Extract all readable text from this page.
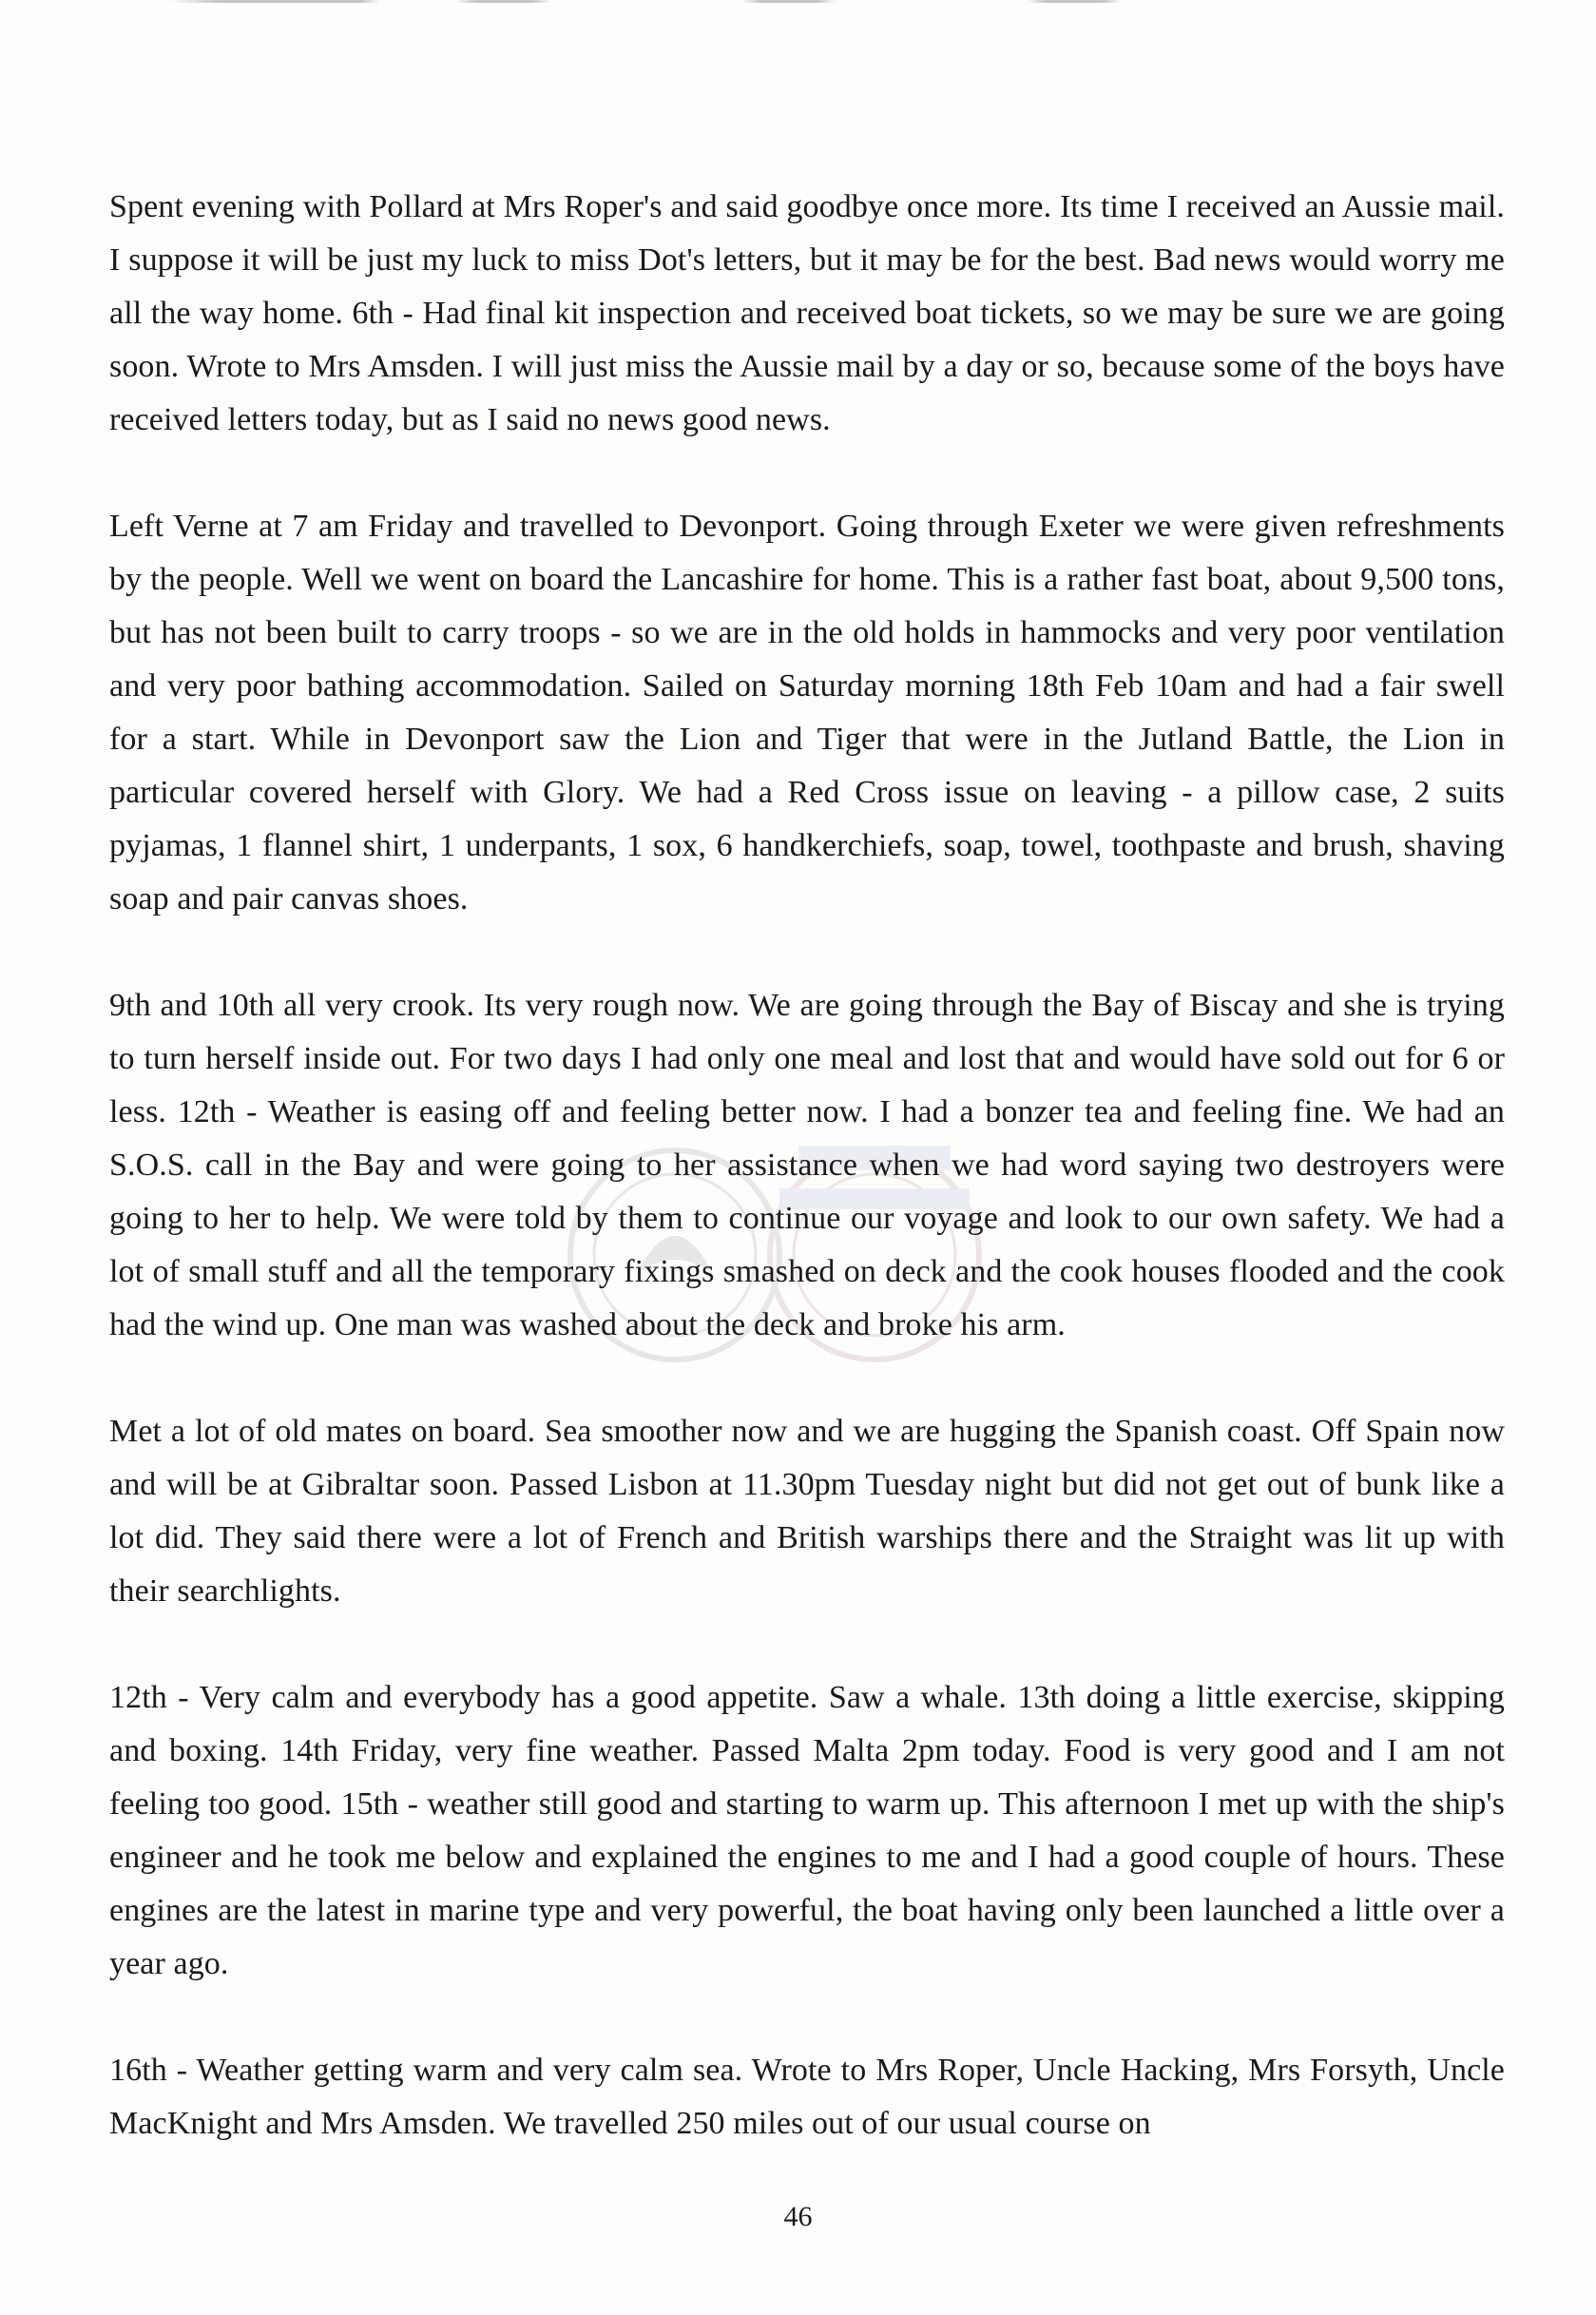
Spent evening with Pollard at Mrs Roper's and said goodbye once more. Its time I received an Aussie mail. I suppose it will be just my luck to miss Dot's letters, but it may be for the best. Bad news would worry me all the way home. 6th - Had final kit inspection and received boat tickets, so we may be sure we are going soon. Wrote to Mrs Amsden. I will just miss the Aussie mail by a day or so, because some of the boys have received letters today, but as I said no news good news.

Left Verne at 7 am Friday and travelled to Devonport. Going through Exeter we were given refreshments by the people. Well we went on board the Lancashire for home. This is a rather fast boat, about 9,500 tons, but has not been built to carry troops - so we are in the old holds in hammocks and very poor ventilation and very poor bathing accommodation. Sailed on Saturday morning 18th Feb 10am and had a fair swell for a start. While in Devonport saw the Lion and Tiger that were in the Jutland Battle, the Lion in particular covered herself with Glory. We had a Red Cross issue on leaving - a pillow case, 2 suits pyjamas, 1 flannel shirt, 1 underpants, 1 sox, 6 handkerchiefs, soap, towel, toothpaste and brush, shaving soap and pair canvas shoes.

9th and 10th all very crook. Its very rough now. We are going through the Bay of Biscay and she is trying to turn herself inside out. For two days I had only one meal and lost that and would have sold out for 6 or less. 12th - Weather is easing off and feeling better now. I had a bonzer tea and feeling fine. We had an S.O.S. call in the Bay and were going to her assistance when we had word saying two destroyers were going to her to help. We were told by them to continue our voyage and look to our own safety. We had a lot of small stuff and all the temporary fixings smashed on deck and the cook houses flooded and the cook had the wind up. One man was washed about the deck and broke his arm.

Met a lot of old mates on board. Sea smoother now and we are hugging the Spanish coast. Off Spain now and will be at Gibraltar soon. Passed Lisbon at 11.30pm Tuesday night but did not get out of bunk like a lot did. They said there were a lot of French and British warships there and the Straight was lit up with their searchlights.

12th - Very calm and everybody has a good appetite. Saw a whale. 13th doing a little exercise, skipping and boxing. 14th Friday, very fine weather. Passed Malta 2pm today. Food is very good and I am not feeling too good. 15th - weather still good and starting to warm up. This afternoon I met up with the ship's engineer and he took me below and explained the engines to me and I had a good couple of hours. These engines are the latest in marine type and very powerful, the boat having only been launched a little over a year ago.

16th - Weather getting warm and very calm sea. Wrote to Mrs Roper, Uncle Hacking, Mrs Forsyth, Uncle MacKnight and Mrs Amsden. We travelled 250 miles out of our usual course on

46
